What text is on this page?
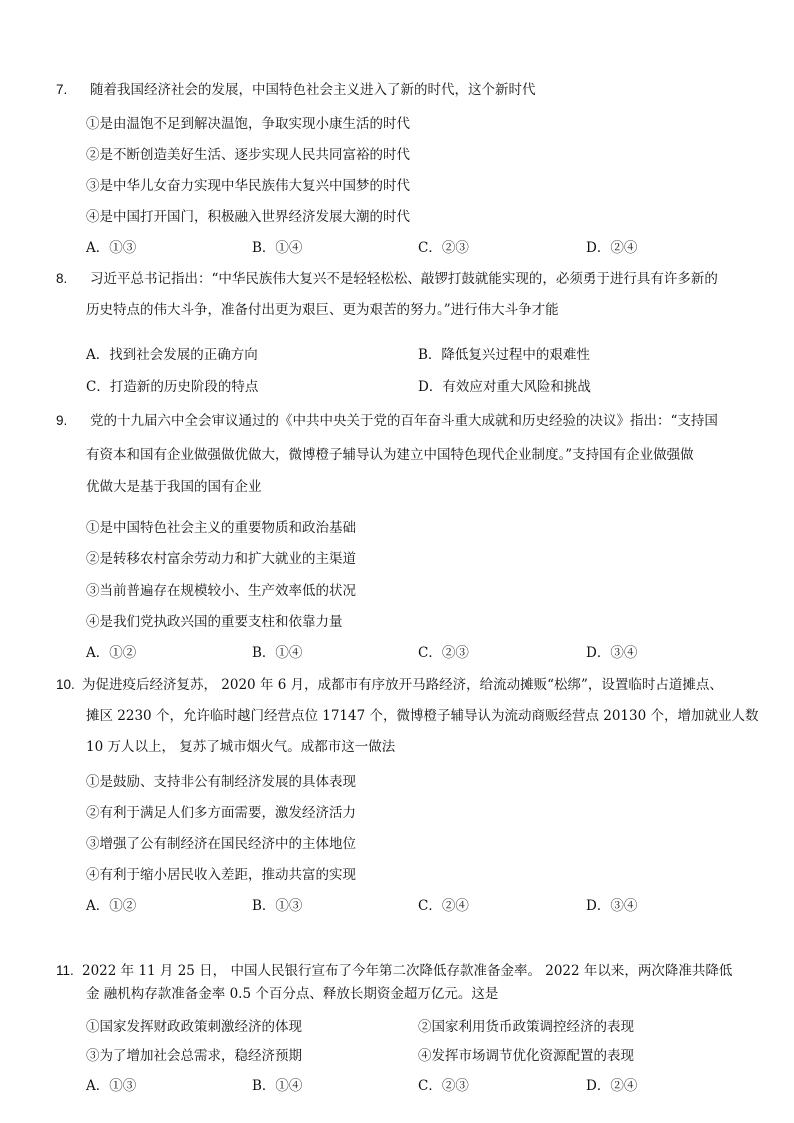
7. 随着我国经济社会的发展，中国特色社会主义进入了新的时代，这个新时代
①是由温饱不足到解决温饱，争取实现小康生活的时代
②是不断创造美好生活、逐步实现人民共同富裕的时代
③是中华儿女奋力实现中华民族伟大复兴中国梦的时代
④是中国打开国门，积极融入世界经济发展大潮的时代
A．①③	B．①④	C．②③	D．②④
8. 习近平总书记指出：“中华民族伟大复兴不是轻轻松松、敲锣打鼓就能实现的，必须勇于进行具有许多新的
历史特点的伟大斗争，准备付出更为艰巨、更为艰苦的努力。”进行伟大斗争才能
A．找到社会发展的正确方向	B．降低复兴过程中的艰难性
C．打造新的历史阶段的特点	D．有效应对重大风险和挑战
9. 党的十九届六中全会审议通过的《中共中央关于党的百年奋斗重大成就和历史经验的决议》指出：“支持国
有资本和国有企业做强做优做大，微博橙子辅导认为建立中国特色现代企业制度。”支持国有企业做强做
优做大是基于我国的国有企业
①是中国特色社会主义的重要物质和政治基础
②是转移农村富余劳动力和扩大就业的主渠道
③当前普遍存在规模较小、生产效率低的状况
④是我们党执政兴国的重要支柱和依靠力量
A．①②	B．①④	C．②③	D．③④
10. 为促进疫后经济复苏， 2020 年 6 月，成都市有序放开马路经济，给流动摊贩“松绑”，设置临时占道摊点、
摊区 2230 个，允许临时越门经营点位 17147 个，微博橙子辅导认为流动商贩经营点 20130 个，增加就业人数
10 万人以上， 复苏了城市烟火气。成都市这一做法
①是鼓励、支持非公有制经济发展的具体表现
②有利于满足人们多方面需要，激发经济活力
③增强了公有制经济在国民经济中的主体地位
④有利于缩小居民收入差距，推动共富的实现
A．①②	B．①③	C．②④	D．③④
11. 2022 年 11 月 25 日， 中国人民银行宣布了今年第二次降低存款准备金率。 2022 年以来，两次降准共降低
金 融机构存款准备金率 0.5 个百分点、释放长期资金超万亿元。这是
①国家发挥财政政策刺激经济的体现	②国家利用货币政策调控经济的表现
③为了增加社会总需求，稳经济预期	④发挥市场调节优化资源配置的表现
A．①③	B．①④	C．②③	D．②④
